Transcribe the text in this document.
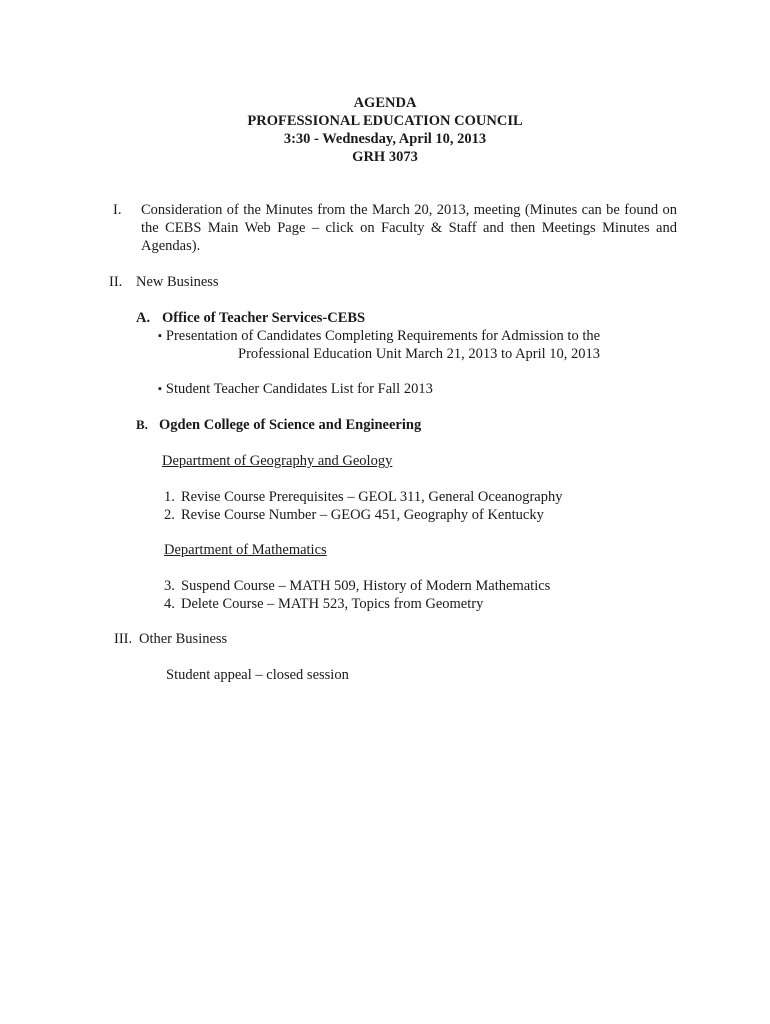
AGENDA
PROFESSIONAL EDUCATION COUNCIL
3:30 - Wednesday, April 10, 2013
GRH 3073
I. Consideration of the Minutes from the March 20, 2013, meeting (Minutes can be found on the CEBS Main Web Page – click on Faculty & Staff and then Meetings Minutes and Agendas).
II. New Business
A. Office of Teacher Services-CEBS
▪ Presentation of Candidates Completing Requirements for Admission to the
Professional Education Unit March 21, 2013 to April 10, 2013
▪ Student Teacher Candidates List for Fall 2013
B. Ogden College of Science and Engineering
Department of Geography and Geology
1. Revise Course Prerequisites – GEOL 311, General Oceanography
2. Revise Course Number – GEOG 451, Geography of Kentucky
Department of Mathematics
3. Suspend Course – MATH 509, History of Modern Mathematics
4. Delete Course – MATH 523, Topics from Geometry
III. Other Business
Student appeal – closed session
